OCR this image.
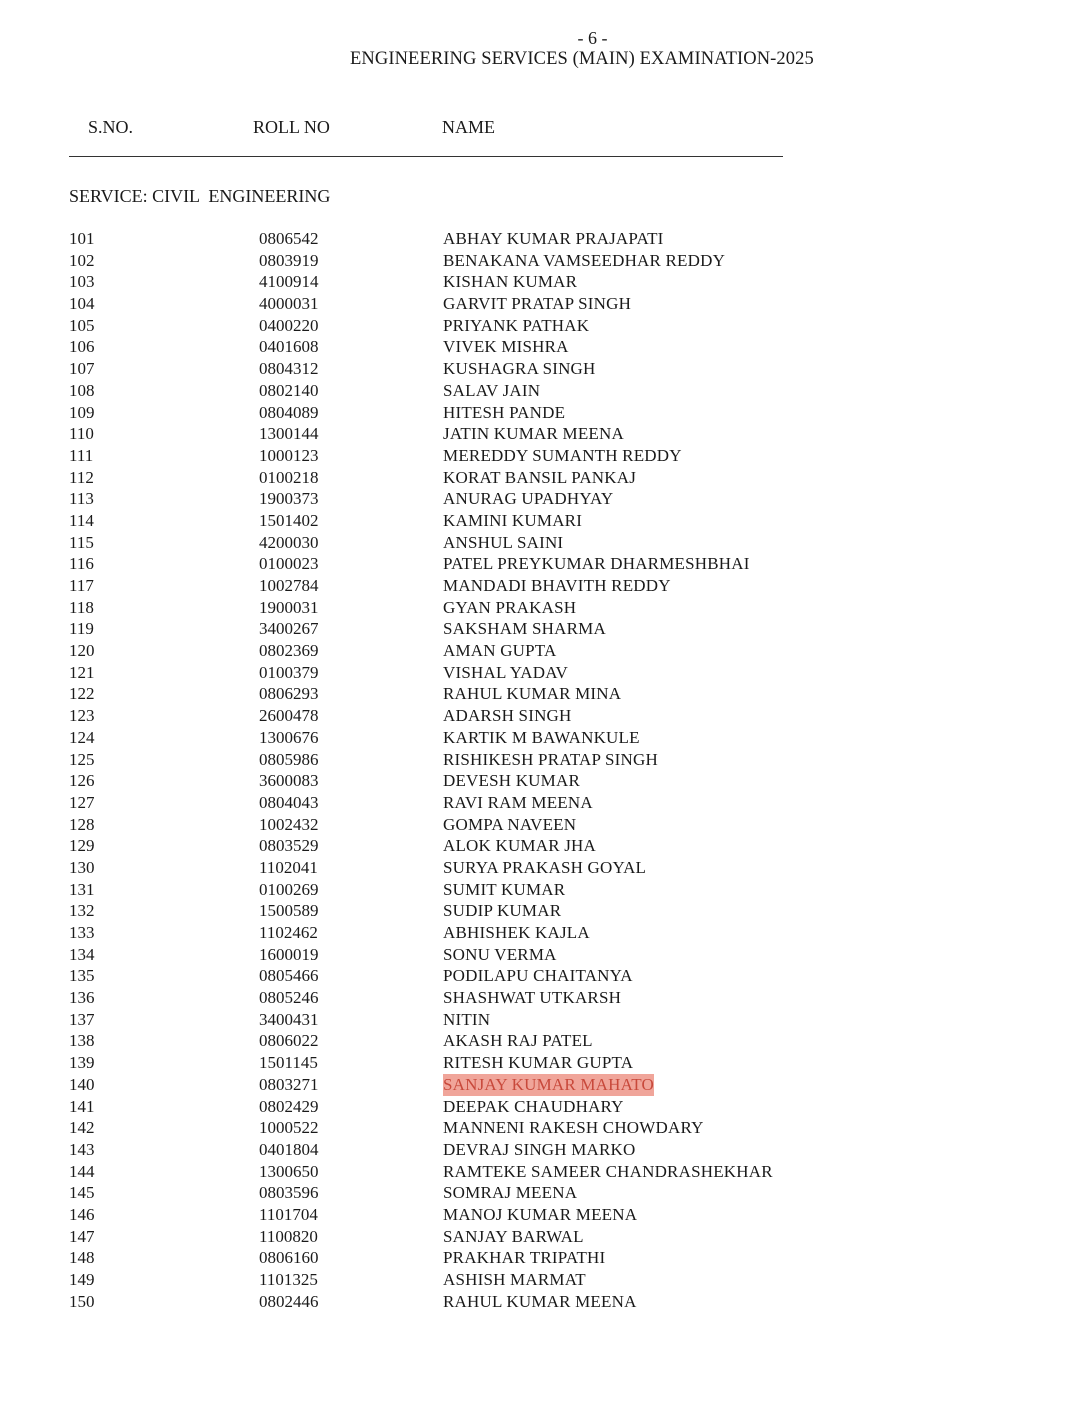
- 6 -
ENGINEERING SERVICES (MAIN) EXAMINATION-2025
S.NO.	ROLL NO	NAME
SERVICE: CIVIL  ENGINEERING
101	0806542	ABHAY KUMAR PRAJAPATI
102	0803919	BENAKANA VAMSEEDHAR REDDY
103	4100914	KISHAN KUMAR
104	4000031	GARVIT PRATAP SINGH
105	0400220	PRIYANK PATHAK
106	0401608	VIVEK MISHRA
107	0804312	KUSHAGRA SINGH
108	0802140	SALAV JAIN
109	0804089	HITESH PANDE
110	1300144	JATIN KUMAR MEENA
111	1000123	MEREDDY SUMANTH REDDY
112	0100218	KORAT BANSIL PANKAJ
113	1900373	ANURAG UPADHYAY
114	1501402	KAMINI KUMARI
115	4200030	ANSHUL SAINI
116	0100023	PATEL PREYKUMAR DHARMESHBHAI
117	1002784	MANDADI BHAVITH REDDY
118	1900031	GYAN PRAKASH
119	3400267	SAKSHAM SHARMA
120	0802369	AMAN GUPTA
121	0100379	VISHAL YADAV
122	0806293	RAHUL KUMAR MINA
123	2600478	ADARSH SINGH
124	1300676	KARTIK M BAWANKULE
125	0805986	RISHIKESH PRATAP SINGH
126	3600083	DEVESH KUMAR
127	0804043	RAVI RAM MEENA
128	1002432	GOMPA NAVEEN
129	0803529	ALOK KUMAR JHA
130	1102041	SURYA PRAKASH GOYAL
131	0100269	SUMIT KUMAR
132	1500589	SUDIP KUMAR
133	1102462	ABHISHEK KAJLA
134	1600019	SONU VERMA
135	0805466	PODILAPU CHAITANYA
136	0805246	SHASHWAT UTKARSH
137	3400431	NITIN
138	0806022	AKASH RAJ PATEL
139	1501145	RITESH KUMAR GUPTA
140	0803271	SANJAY KUMAR MAHATO
141	0802429	DEEPAK CHAUDHARY
142	1000522	MANNENI RAKESH CHOWDARY
143	0401804	DEVRAJ SINGH MARKO
144	1300650	RAMTEKE SAMEER CHANDRASHEKHAR
145	0803596	SOMRAJ MEENA
146	1101704	MANOJ KUMAR MEENA
147	1100820	SANJAY BARWAL
148	0806160	PRAKHAR TRIPATHI
149	1101325	ASHISH MARMAT
150	0802446	RAHUL KUMAR MEENA
